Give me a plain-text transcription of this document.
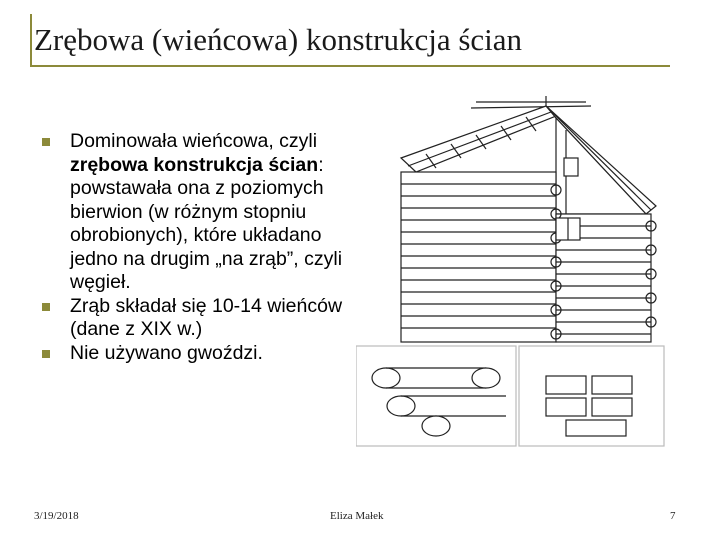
Zrębowa (wieńcowa) konstrukcja ścian
Dominowała wieńcowa, czyli zrębowa konstrukcja ścian: powstawała ona z poziomych bierwion (w różnym stopniu obrobionych), które układano jedno na drugim „na zrąb”, czyli węgieł.
Zrąb składał się 10-14 wieńców (dane z XIX w.)
Nie używano gwoździ.
3/19/2018	Eliza Małek	7
